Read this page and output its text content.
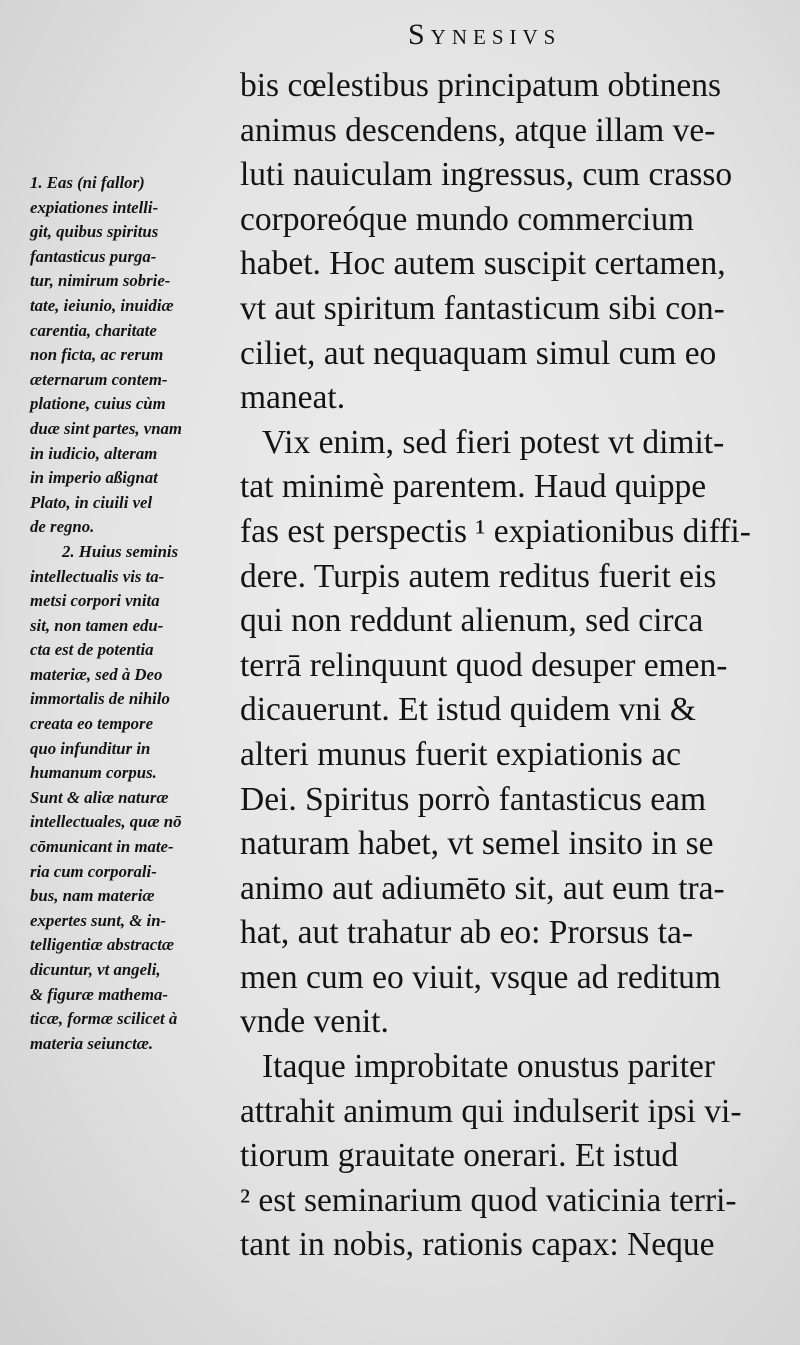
Synesivs
bis cœlestibus principatum obtinens
animus descendens, atque illam ve-
luti nauiculam ingressus, cum crasso
corporeóque mundo commercium
habet. Hoc autem suscipit certamen,
vt aut spiritum fantasticum sibi con-
ciliet, aut nequaquam simul cum eo
maneat.
Vix enim, sed fieri potest vt dimit-
tat minimè parentem. Haud quippe
fas est perspectis ¹ expiationibus diffi-
dere. Turpis autem reditus fuerit eis
qui non reddunt alienum, sed circa
terrā relinquunt quod desuper emen-
dicauerunt. Et istud quidem vni &
alteri munus fuerit expiationis ac
Dei. Spiritus porrò fantasticus eam
naturam habet, vt semel insito in se
animo aut adiumēto sit, aut eum tra-
hat, aut trahatur ab eo: Prorsus ta-
men cum eo viuit, vsque ad reditum
vnde venit.
Itaque improbitate onustus pariter
attrahit animum qui indulserit ipsi vi-
tiorum grauitate onerari. Et istud
² est seminarium quod vaticinia terri-
tant in nobis, rationis capax: Neque
1. Eas (ni fallor)
expiationes intelli-
git, quibus spiritus
fantasticus purga-
tur, nimirum sobrie-
tate, ieiunio, inuidiæ
carentia, charitate
non ficta, ac rerum
æternarum contem-
platione, cuius cùm
duæ sint partes, vnam
in iudicio, alteram
in imperio aßignat
Plato, in ciuili vel
de regno.
2. Huius seminis
intellectualis vis ta-
metsi corpori vnita
sit, non tamen edu-
cta est de potentia
materiæ, sed à Deo
immortalis de nihilo
creata eo tempore
quo infunditur in
humanum corpus.
Sunt & aliæ naturæ
intellectuales, quæ nō
cōmunicant in mate-
ria cum corporali-
bus, nam materiæ
expertes sunt, & in-
telligentiæ abstractæ
dicuntur, vt angeli,
& figuræ mathema-
ticæ, formæ scilicet à
materia seiunctæ.
